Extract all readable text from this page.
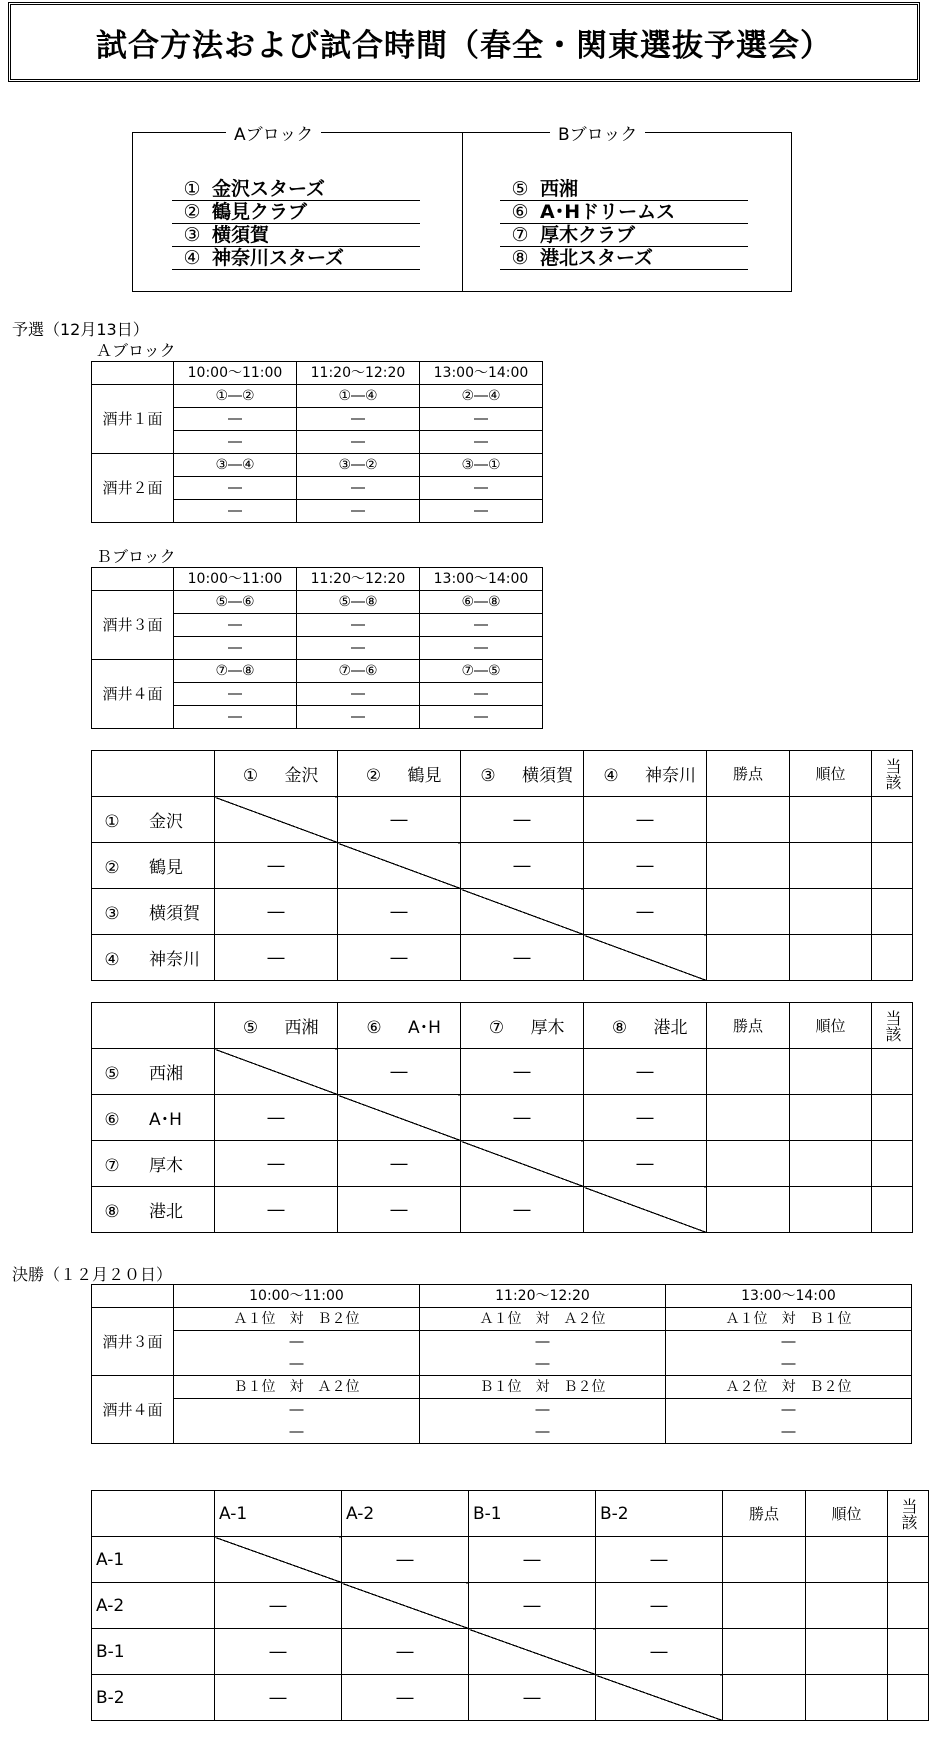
試合方法および試合時間（春全・関東選抜予選会）
Aブロック	Bブロック
① 金沢スターズ
② 鶴見クラブ
③ 横須賀
④ 神奈川スターズ
⑤ 西湘
⑥ A･Hドリームス
⑦ 厚木クラブ
⑧ 港北スターズ
予選（12月13日）
Ａブロック
	10:00～11:00	11:20～12:20	13:00～14:00
酒井１面	①―②	①―④	②―④
	―	―	―
	―	―	―
酒井２面	③―④	③―②	③―①
	―	―	―
	―	―	―
Ｂブロック
	10:00～11:00	11:20～12:20	13:00～14:00
酒井３面	⑤―⑥	⑤―⑧	⑥―⑧
	―	―	―
	―	―	―
酒井４面	⑦―⑧	⑦―⑥	⑦―⑤
	―	―	―
	―	―	―
	①　 金沢	②　 鶴見	③　 横須賀	④　 神奈川	勝点	順位	当該
①　 金沢		―	―	―			
②　 鶴見	―		―	―			
③　 横須賀	―	―		―			
④　 神奈川	―	―	―				
	⑤　 西湘	⑥　 A･H	⑦　 厚木	⑧　 港北	勝点	順位	当該
⑤　 西湘		―	―	―			
⑥　 A･H	―		―	―			
⑦　 厚木	―	―		―			
⑧　 港北	―	―	―				
決勝（１２月２０日）
	10:00～11:00	11:20～12:20	13:00～14:00
酒井３面	Ａ１位　対　Ｂ２位	Ａ１位　対　Ａ２位	Ａ１位　対　Ｂ１位
	―	―	―
	―	―	―
酒井４面	Ｂ１位　対　Ａ２位	Ｂ１位　対　Ｂ２位	Ａ２位　対　Ｂ２位
	―	―	―
	―	―	―
	A-1	A-2	B-1	B-2	勝点	順位	当該
A-1		―	―	―			
A-2	―		―	―			
B-1	―	―		―			
B-2	―	―	―				
